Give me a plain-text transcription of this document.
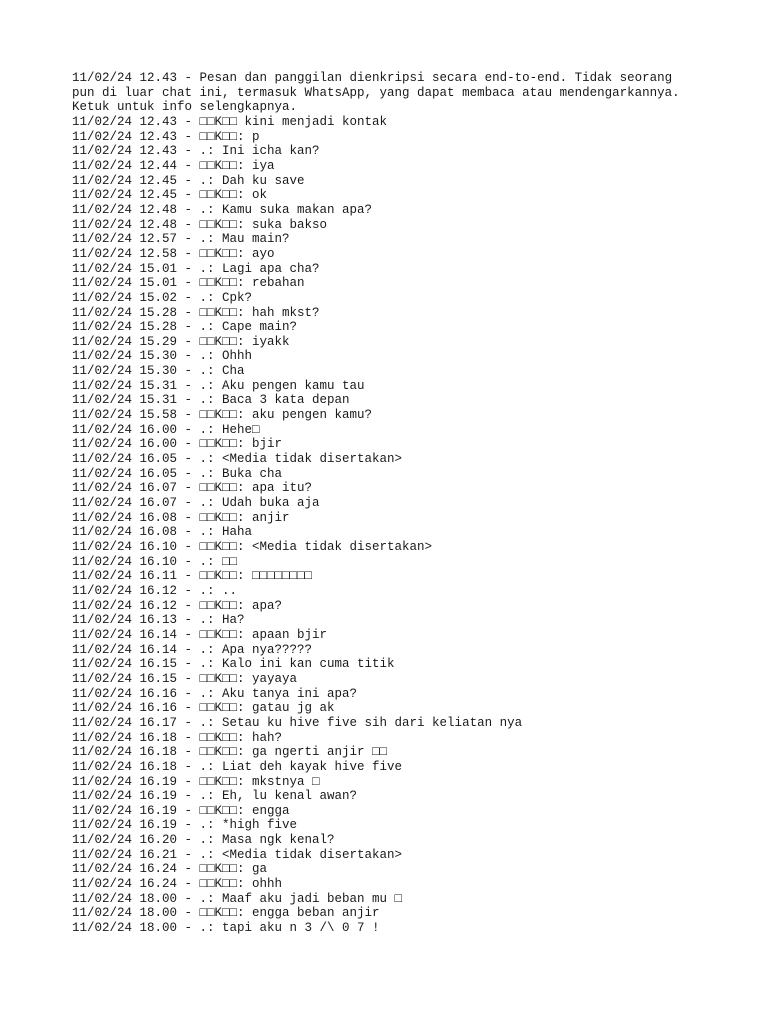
11/02/24 12.43 - Pesan dan panggilan dienkripsi secara end-to-end. Tidak seorang
pun di luar chat ini, termasuk WhatsApp, yang dapat membaca atau mendengarkannya.
Ketuk untuk info selengkapnya.
11/02/24 12.43 - □□K□□ kini menjadi kontak
11/02/24 12.43 - □□K□□: p
11/02/24 12.43 - .: Ini icha kan?
11/02/24 12.44 - □□K□□: iya
11/02/24 12.45 - .: Dah ku save
11/02/24 12.45 - □□K□□: ok
11/02/24 12.48 - .: Kamu suka makan apa?
11/02/24 12.48 - □□K□□: suka bakso
11/02/24 12.57 - .: Mau main?
11/02/24 12.58 - □□K□□: ayo
11/02/24 15.01 - .: Lagi apa cha?
11/02/24 15.01 - □□K□□: rebahan
11/02/24 15.02 - .: Cpk?
11/02/24 15.28 - □□K□□: hah mkst?
11/02/24 15.28 - .: Cape main?
11/02/24 15.29 - □□K□□: iyakk
11/02/24 15.30 - .: Ohhh
11/02/24 15.30 - .: Cha
11/02/24 15.31 - .: Aku pengen kamu tau
11/02/24 15.31 - .: Baca 3 kata depan
11/02/24 15.58 - □□K□□: aku pengen kamu?
11/02/24 16.00 - .: Hehe□
11/02/24 16.00 - □□K□□: bjir
11/02/24 16.05 - .: <Media tidak disertakan>
11/02/24 16.05 - .: Buka cha
11/02/24 16.07 - □□K□□: apa itu?
11/02/24 16.07 - .: Udah buka aja
11/02/24 16.08 - □□K□□: anjir
11/02/24 16.08 - .: Haha
11/02/24 16.10 - □□K□□: <Media tidak disertakan>
11/02/24 16.10 - .: □□
11/02/24 16.11 - □□K□□: □□□□□□□□
11/02/24 16.12 - .: ..
11/02/24 16.12 - □□K□□: apa?
11/02/24 16.13 - .: Ha?
11/02/24 16.14 - □□K□□: apaan bjir
11/02/24 16.14 - .: Apa nya?????
11/02/24 16.15 - .: Kalo ini kan cuma titik
11/02/24 16.15 - □□K□□: yayaya
11/02/24 16.16 - .: Aku tanya ini apa?
11/02/24 16.16 - □□K□□: gatau jg ak
11/02/24 16.17 - .: Setau ku hive five sih dari keliatan nya
11/02/24 16.18 - □□K□□: hah?
11/02/24 16.18 - □□K□□: ga ngerti anjir □□
11/02/24 16.18 - .: Liat deh kayak hive five
11/02/24 16.19 - □□K□□: mkstnya □
11/02/24 16.19 - .: Eh, lu kenal awan?
11/02/24 16.19 - □□K□□: engga
11/02/24 16.19 - .: *high five
11/02/24 16.20 - .: Masa ngk kenal?
11/02/24 16.21 - .: <Media tidak disertakan>
11/02/24 16.24 - □□K□□: ga
11/02/24 16.24 - □□K□□: ohhh
11/02/24 18.00 - .: Maaf aku jadi beban mu □
11/02/24 18.00 - □□K□□: engga beban anjir
11/02/24 18.00 - .: tapi aku n 3 /\ 0 7 !
